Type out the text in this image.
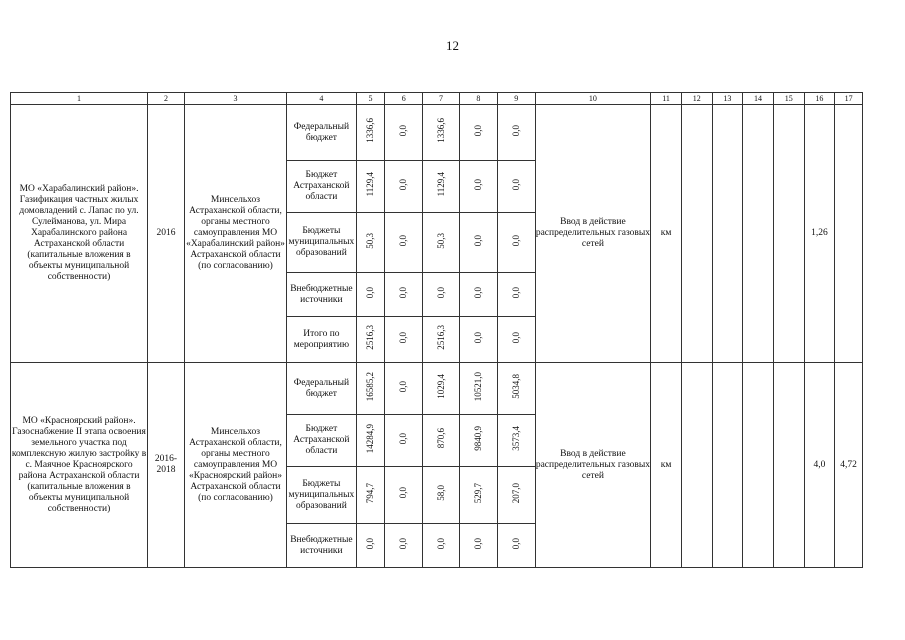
12
1	2	3	4	5	6	7	8	9	10	11	12	13	14	15	16	17
МО «Харабалинский район». Газификация частных жилых домовладений с. Лапас по ул. Сулейманова, ул. Мира Харабалинского района Астраханской области (капитальные вложения в объекты муниципальной собственности)	2016	Минсельхоз Астраханской области, органы местного самоуправления МО «Харабалинский район» Астраханской области (по согласованию)	Федеральный бюджет	1336,6	0,0	1336,6	0,0	0,0	Ввод в действие распределительных газовых сетей	км					1,26	
			Бюджет Астраханской области	1129,4	0,0	1129,4	0,0	0,0								
			Бюджеты муниципальных образований	50,3	0,0	50,3	0,0	0,0								
			Внебюджетные источники	0,0	0,0	0,0	0,0	0,0								
			Итого по мероприятию	2516,3	0,0	2516,3	0,0	0,0								
МО «Красноярский район». Газоснабжение II этапа освоения земельного участка под комплексную жилую застройку в с. Маячное Красноярского района Астраханской области (капитальные вложения в объекты муниципальной собственности)	2016-2018	Минсельхоз Астраханской области, органы местного самоуправления МО «Красноярский район» Астраханской области (по согласованию)	Федеральный бюджет	16585,2	0,0	1029,4	10521,0	5034,8	Ввод в действие распределительных газовых сетей	км					4,0	4,72
			Бюджет Астраханской области	14284,9	0,0	870,6	9840,9	3573,4								
			Бюджеты муниципальных образований	794,7	0,0	58,0	529,7	207,0								
			Внебюджетные источники	0,0	0,0	0,0	0,0	0,0								
